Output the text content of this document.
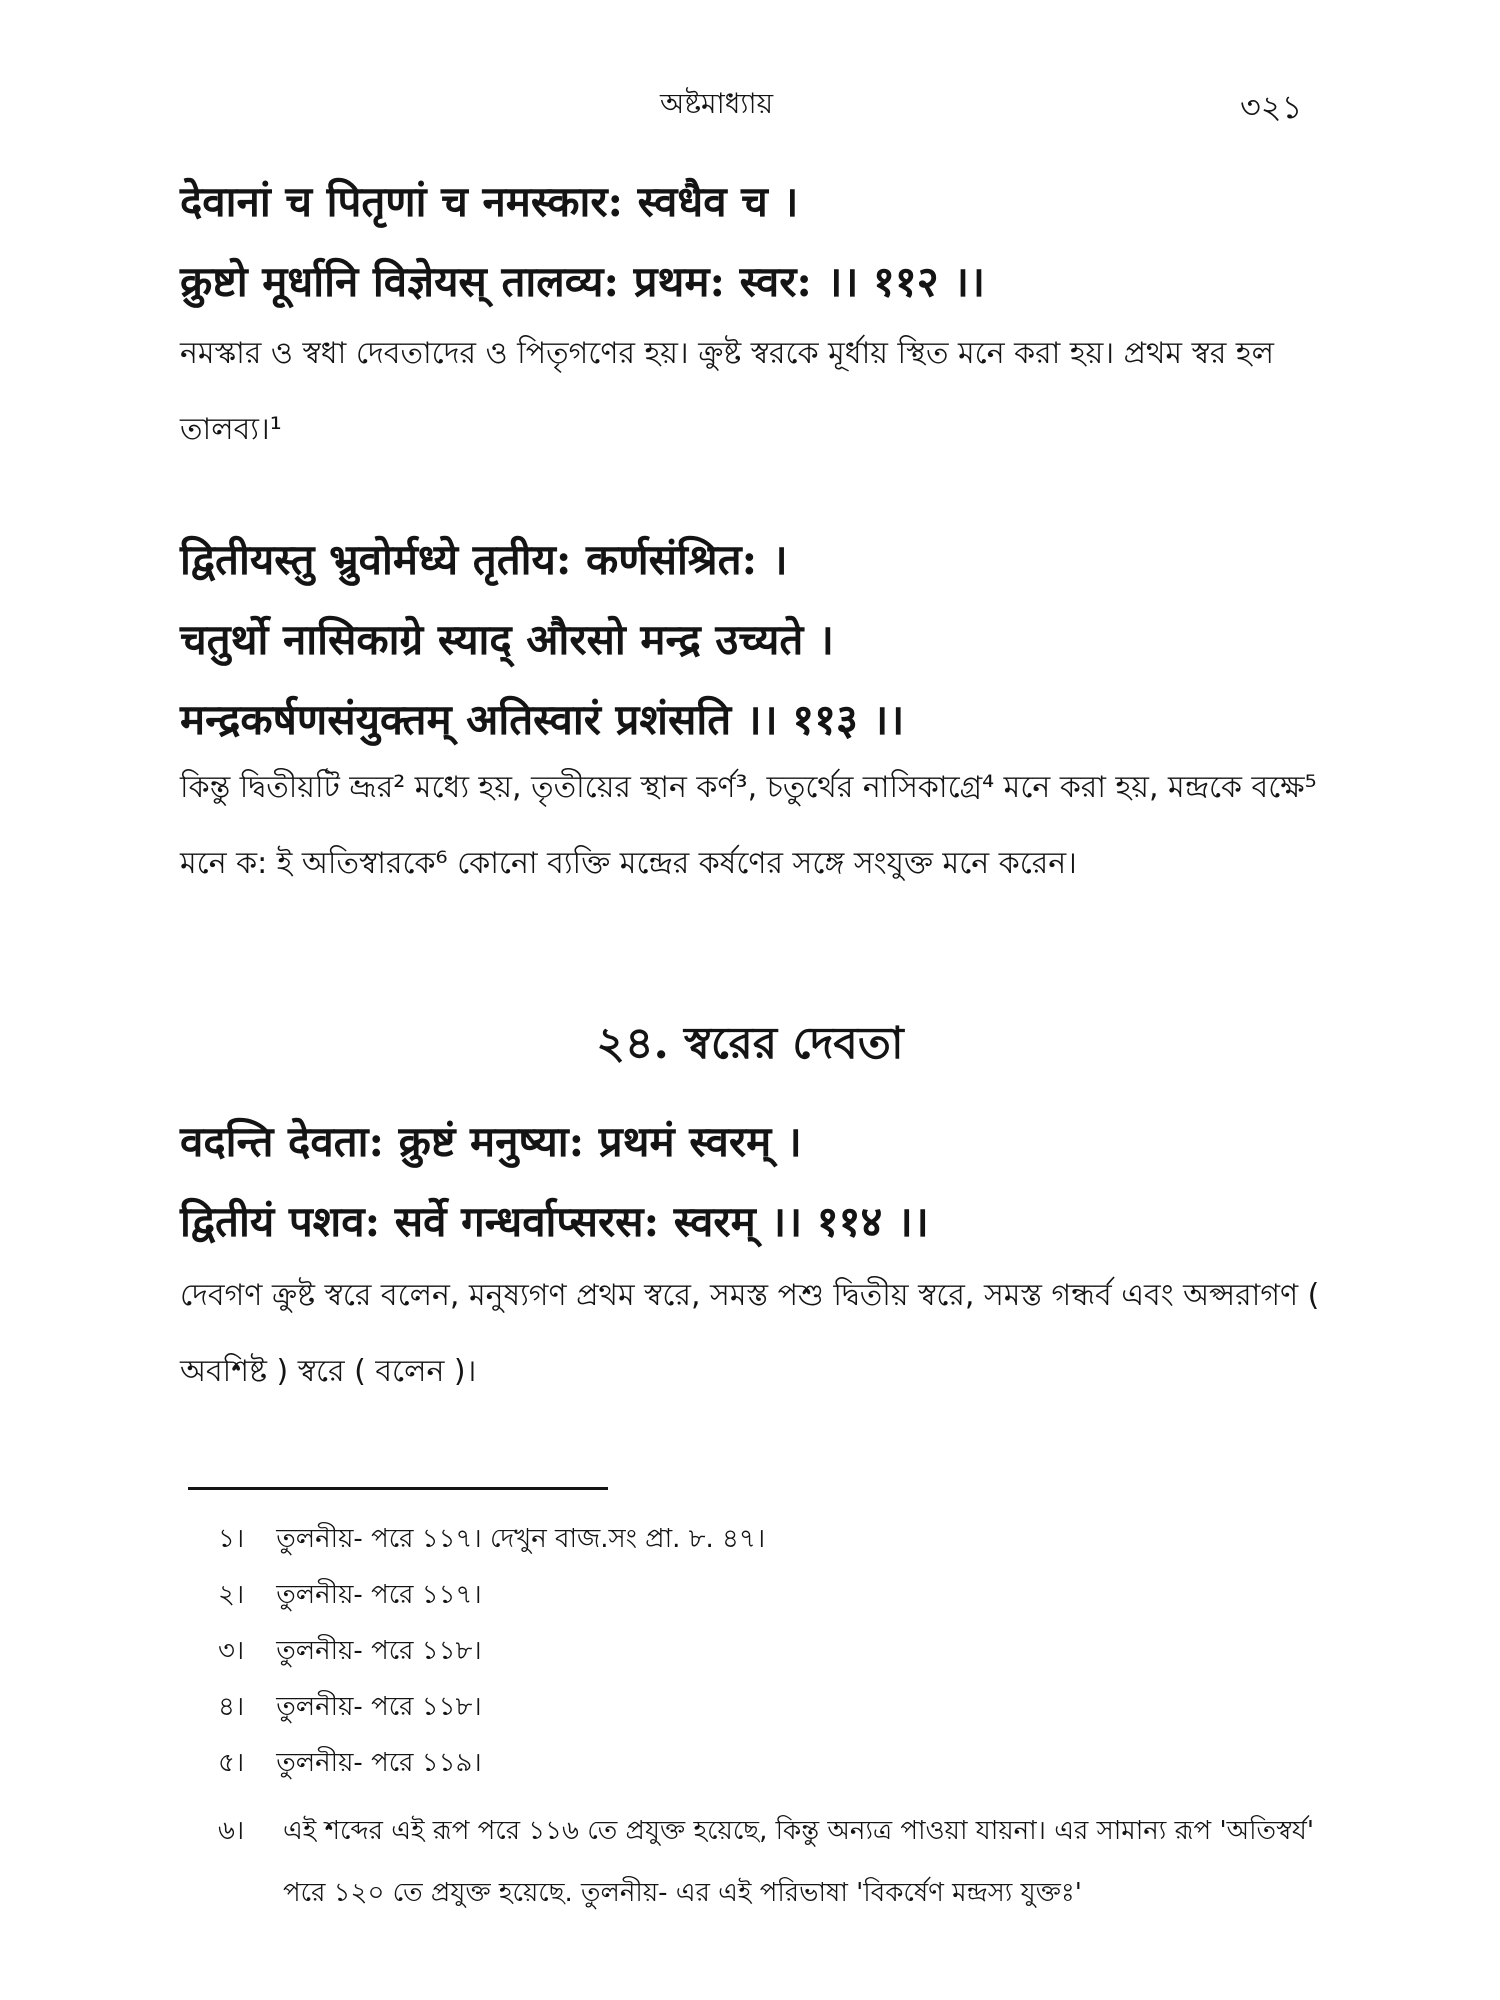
অষ্টমাধ্যায়	৩২১
देवानां च पितृणां च नमस्कार: स्वधैव च ।
क्रुष्टो मूर्धानि विज्ञेयस् तालव्य: प्रथम: स्वर: ।। ११२ ।।
নমস্কার ও স্বধা দেবতাদের ও পিতৃগণের হয়। ক্রুষ্ট স্বরকে মূর্ধায় স্থিত মনে করা হয়। প্রথম স্বর হল তালব্য।¹
द्वितीयस्तु भ्रुवोर्मध्ये तृतीय: कर्णसंश्रित: ।
चतुर्थो नासिकाग्रे स्याद् औरसो मन्द्र उच्यते ।
मन्द्रकर्षणसंयुक्तम् अतिस्वारं प्रशंसति ।। ११३ ।।
কিন্তু দ্বিতীয়টি ভ্রূর² মধ্যে হয়, তৃতীয়ের স্থান কর্ণ³, চতুর্থের নাসিকাগ্রে⁴ মনে করা হয়, মন্দ্রকে বক্ষে⁵ মনে ক: ই অতিস্বারকে⁶ কোনো ব্যক্তি মন্দ্রের কর্ষণের সঙ্গে সংযুক্ত মনে করেন।
২৪. স্বরের দেবতা
वदन्ति देवता: क्रुष्टं मनुष्या: प्रथमं स्वरम् ।
द्वितीयं पशव: सर्वे गन्धर्वाप्सरस: स्वरम् ।। ११४ ।।
দেবগণ ক্রুষ্ট স্বরে বলেন, মনুষ্যগণ প্রথম স্বরে, সমস্ত পশু দ্বিতীয় স্বরে, সমস্ত গন্ধর্ব এবং অপ্সরাগণ ( অবশিষ্ট ) স্বরে ( বলেন )।
১। তুলনীয়- পরে ১১৭। দেখুন বাজ.সং প্রা. ৮. ৪৭।
২। তুলনীয়- পরে ১১৭।
৩। তুলনীয়- পরে ১১৮।
৪। তুলনীয়- পরে ১১৮।
৫। তুলনীয়- পরে ১১৯।
৬।	এই শব্দের এই রূপ পরে ১১৬ তে প্রযুক্ত হয়েছে, কিন্তু অন্যত্র পাওয়া যায়না। এর সামান্য রূপ 'অতিস্বর্য' পরে ১২০ তে প্রযুক্ত হয়েছে. তুলনীয়- এর এই পরিভাষা 'বিকর্ষেণ মন্দ্রস্য যুক্তঃ'
